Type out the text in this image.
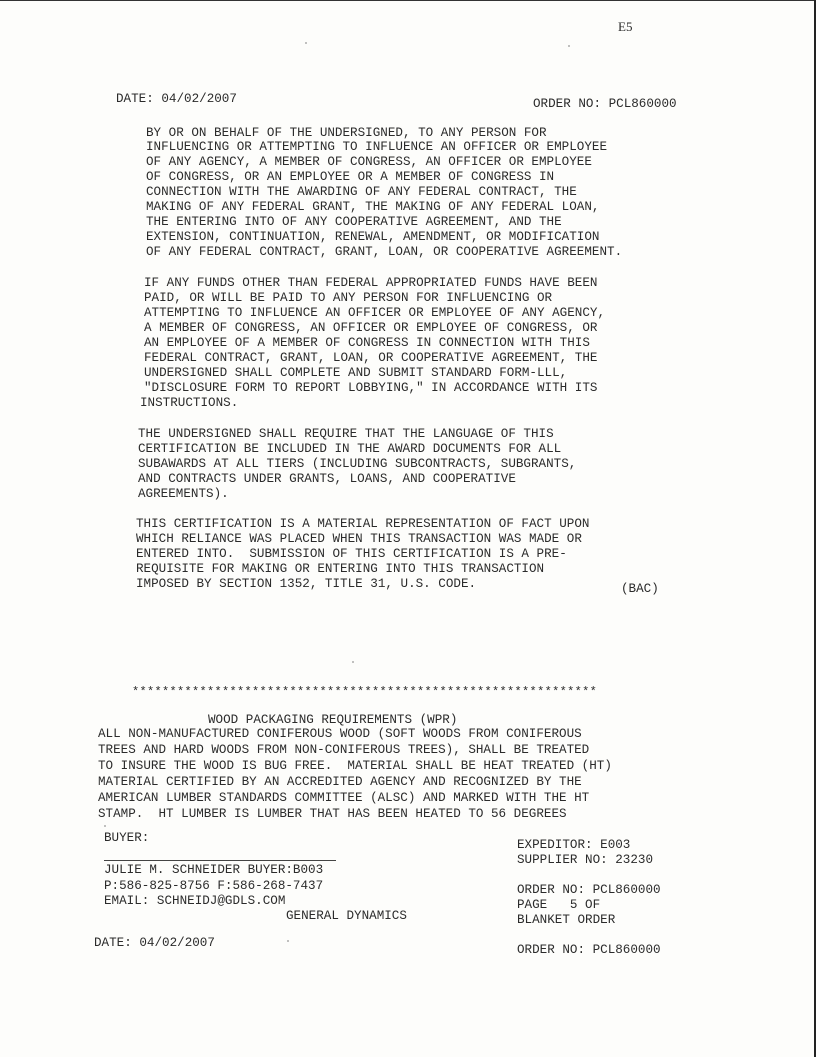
E5
DATE: 04/02/2007	ORDER NO: PCL860000
BY OR ON BEHALF OF THE UNDERSIGNED, TO ANY PERSON FOR
INFLUENCING OR ATTEMPTING TO INFLUENCE AN OFFICER OR EMPLOYEE
OF ANY AGENCY, A MEMBER OF CONGRESS, AN OFFICER OR EMPLOYEE
OF CONGRESS, OR AN EMPLOYEE OR A MEMBER OF CONGRESS IN
CONNECTION WITH THE AWARDING OF ANY FEDERAL CONTRACT, THE
MAKING OF ANY FEDERAL GRANT, THE MAKING OF ANY FEDERAL LOAN,
THE ENTERING INTO OF ANY COOPERATIVE AGREEMENT, AND THE
EXTENSION, CONTINUATION, RENEWAL, AMENDMENT, OR MODIFICATION
OF ANY FEDERAL CONTRACT, GRANT, LOAN, OR COOPERATIVE AGREEMENT.
IF ANY FUNDS OTHER THAN FEDERAL APPROPRIATED FUNDS HAVE BEEN
PAID, OR WILL BE PAID TO ANY PERSON FOR INFLUENCING OR
ATTEMPTING TO INFLUENCE AN OFFICER OR EMPLOYEE OF ANY AGENCY,
A MEMBER OF CONGRESS, AN OFFICER OR EMPLOYEE OF CONGRESS, OR
AN EMPLOYEE OF A MEMBER OF CONGRESS IN CONNECTION WITH THIS
FEDERAL CONTRACT, GRANT, LOAN, OR COOPERATIVE AGREEMENT, THE
UNDERSIGNED SHALL COMPLETE AND SUBMIT STANDARD FORM-LLL,
"DISCLOSURE FORM TO REPORT LOBBYING," IN ACCORDANCE WITH ITS
INSTRUCTIONS.
THE UNDERSIGNED SHALL REQUIRE THAT THE LANGUAGE OF THIS
CERTIFICATION BE INCLUDED IN THE AWARD DOCUMENTS FOR ALL
SUBAWARDS AT ALL TIERS (INCLUDING SUBCONTRACTS, SUBGRANTS,
AND CONTRACTS UNDER GRANTS, LOANS, AND COOPERATIVE
AGREEMENTS).
THIS CERTIFICATION IS A MATERIAL REPRESENTATION OF FACT UPON
WHICH RELIANCE WAS PLACED WHEN THIS TRANSACTION WAS MADE OR
ENTERED INTO.  SUBMISSION OF THIS CERTIFICATION IS A PRE-
REQUISITE FOR MAKING OR ENTERING INTO THIS TRANSACTION
IMPOSED BY SECTION 1352, TITLE 31, U.S. CODE.	(BAC)
**************************************************************
WOOD PACKAGING REQUIREMENTS (WPR)
ALL NON-MANUFACTURED CONIFEROUS WOOD (SOFT WOODS FROM CONIFEROUS
TREES AND HARD WOODS FROM NON-CONIFEROUS TREES), SHALL BE TREATED
TO INSURE THE WOOD IS BUG FREE.  MATERIAL SHALL BE HEAT TREATED (HT)
MATERIAL CERTIFIED BY AN ACCREDITED AGENCY AND RECOGNIZED BY THE
AMERICAN LUMBER STANDARDS COMMITTEE (ALSC) AND MARKED WITH THE HT
STAMP.  HT LUMBER IS LUMBER THAT HAS BEEN HEATED TO 56 DEGREES
BUYER:
JULIE M. SCHNEIDER BUYER:B003
P:586-825-8756 F:586-268-7437
EMAIL: SCHNEIDJ@GDLS.COM
GENERAL DYNAMICS
DATE: 04/02/2007
EXPEDITOR: E003
SUPPLIER NO: 23230
ORDER NO: PCL860000
PAGE   5 OF
BLANKET ORDER
ORDER NO: PCL860000
